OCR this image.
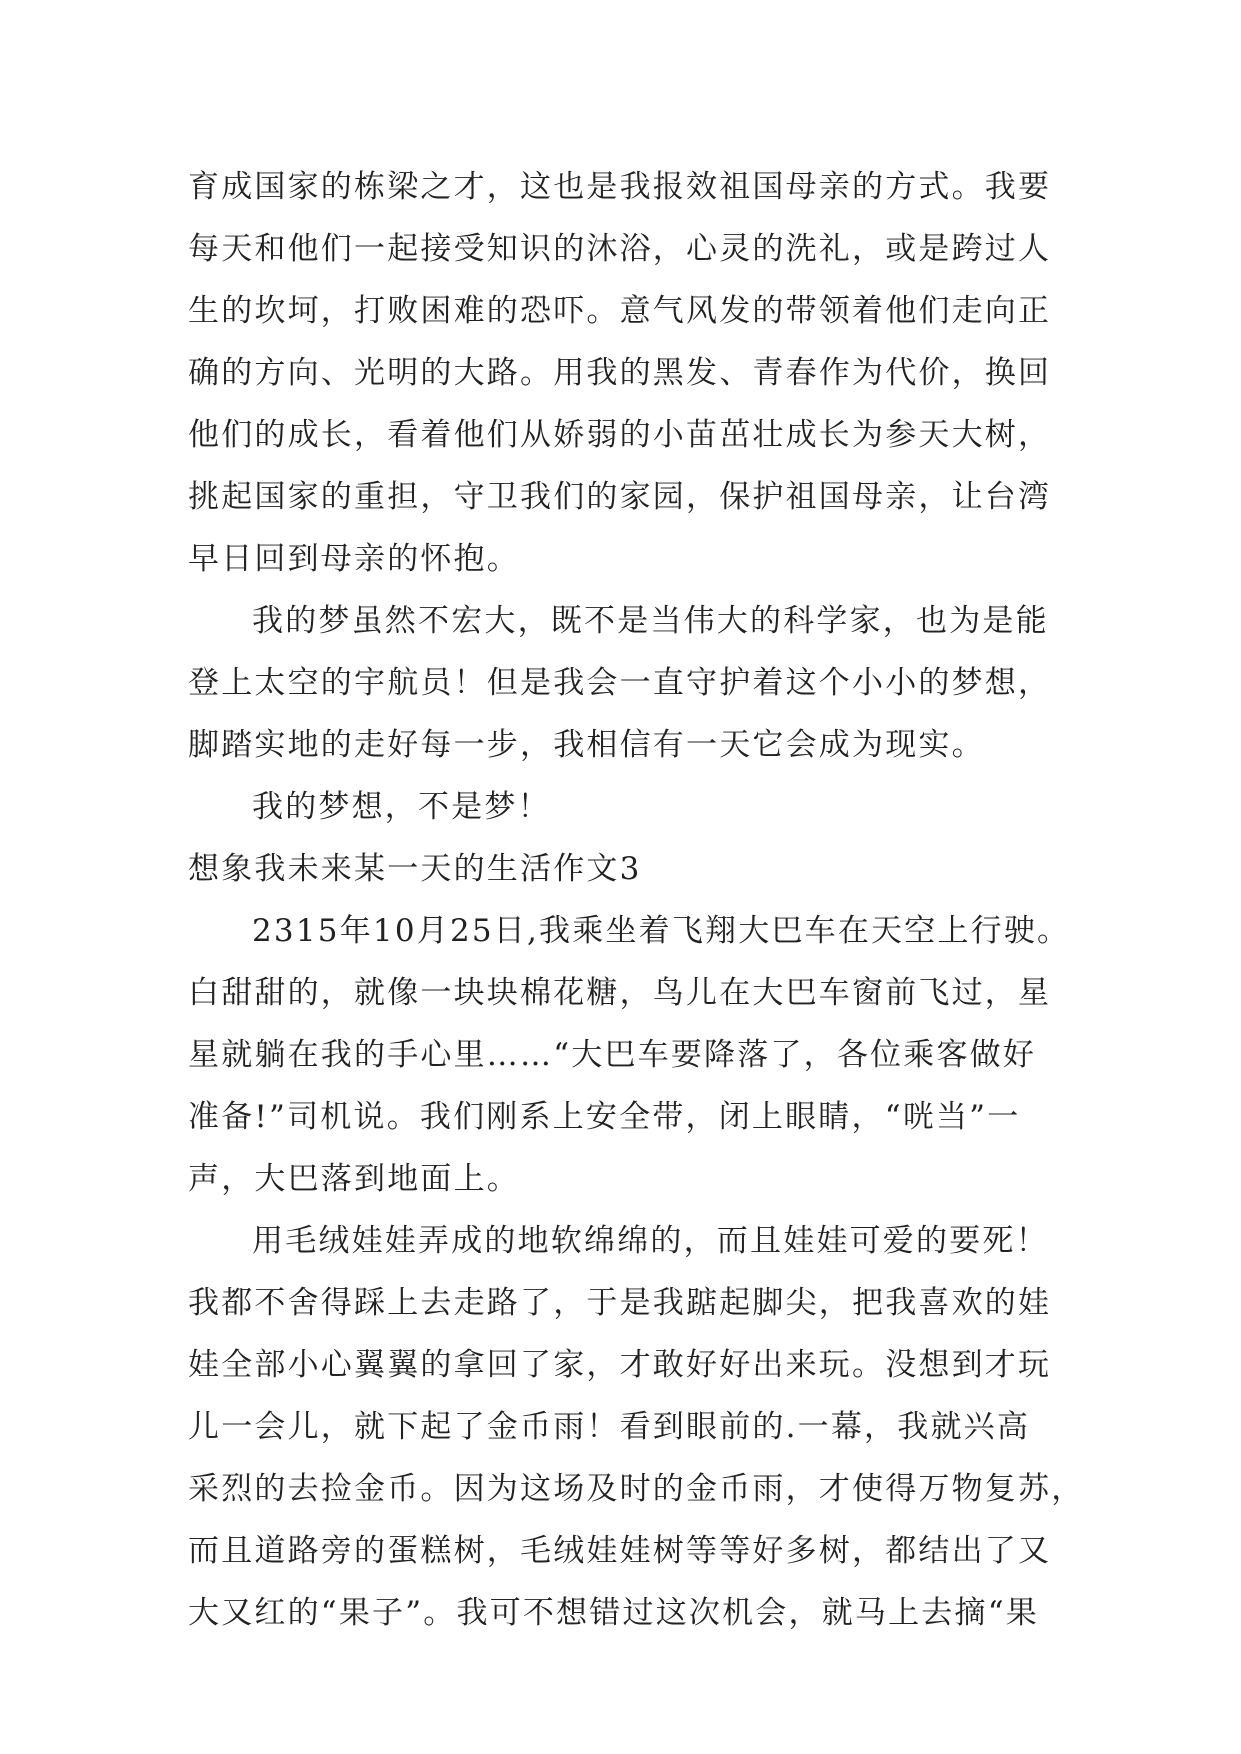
育成国家的栋梁之才，这也是我报效祖国母亲的方式。我要
每天和他们一起接受知识的沐浴，心灵的洗礼，或是跨过人
生的坎坷，打败困难的恐吓。意气风发的带领着他们走向正
确的方向、光明的大路。用我的黑发、青春作为代价，换回
他们的成长，看着他们从娇弱的小苗茁壮成长为参天大树，
挑起国家的重担，守卫我们的家园，保护祖国母亲，让台湾
早日回到母亲的怀抱。
我的梦虽然不宏大，既不是当伟大的科学家，也为是能
登上太空的宇航员！但是我会一直守护着这个小小的梦想，
脚踏实地的走好每一步，我相信有一天它会成为现实。
我的梦想，不是梦！
想象我未来某一天的生活作文3
2315年10月25日,我乘坐着飞翔大巴车在天空上行驶。
白甜甜的，就像一块块棉花糖，鸟儿在大巴车窗前飞过，星
星就躺在我的手心里……“大巴车要降落了，各位乘客做好
准备!”司机说。我们刚系上安全带，闭上眼睛，“咣当”一
声，大巴落到地面上。
用毛绒娃娃弄成的地软绵绵的，而且娃娃可爱的要死！
我都不舍得踩上去走路了，于是我踮起脚尖，把我喜欢的娃
娃全部小心翼翼的拿回了家，才敢好好出来玩。没想到才玩
儿一会儿，就下起了金币雨！看到眼前的.一幕，我就兴高
采烈的去捡金币。因为这场及时的金币雨，才使得万物复苏，
而且道路旁的蛋糕树，毛绒娃娃树等等好多树，都结出了又
大又红的“果子”。我可不想错过这次机会，就马上去摘“果
